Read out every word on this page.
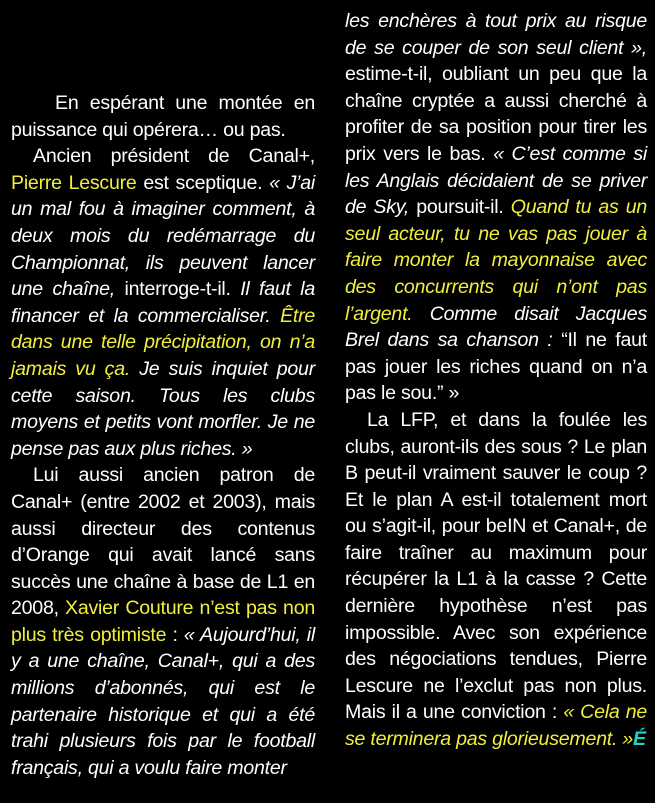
En espérant une montée en puissance qui opérera… ou pas.

Ancien président de Canal+, Pierre Lescure est sceptique. « J’ai un mal fou à imaginer comment, à deux mois du redémarrage du Championnat, ils peuvent lancer une chaîne, interroge-t-il. Il faut la financer et la commercialiser. Être dans une telle précipitation, on n’a jamais vu ça. Je suis inquiet pour cette saison. Tous les clubs moyens et petits vont morfler. Je ne pense pas aux plus riches. »

Lui aussi ancien patron de Canal+ (entre 2002 et 2003), mais aussi directeur des contenus d’Orange qui avait lancé sans succès une chaîne à base de L1 en 2008, Xavier Couture n’est pas non plus très optimiste : « Aujourd’hui, il y a une chaîne, Canal+, qui a des millions d’abonnés, qui est le partenaire historique et qui a été trahi plusieurs fois par le football français, qui a voulu faire monter

les enchères à tout prix au risque de se couper de son seul client », estime-t-il, oubliant un peu que la chaîne cryptée a aussi cherché à profiter de sa position pour tirer les prix vers le bas. « C’est comme si les Anglais décidaient de se priver de Sky, poursuit-il. Quand tu as un seul acteur, tu ne vas pas jouer à faire monter la mayonnaise avec des concurrents qui n’ont pas l’argent. Comme disait Jacques Brel dans sa chanson : “Il ne faut pas jouer les riches quand on n’a pas le sou.” »

La LFP, et dans la foulée les clubs, auront-ils des sous ? Le plan B peut-il vraiment sauver le coup ? Et le plan A est-il totalement mort ou s’agit-il, pour beIN et Canal+, de faire traîner au maximum pour récupérer la L1 à la casse ? Cette dernière hypothèse n’est pas impossible. Avec son expérience des négociations tendues, Pierre Lescure ne l’exclut pas non plus. Mais il a une conviction : « Cela ne se terminera pas glorieusement. »É
